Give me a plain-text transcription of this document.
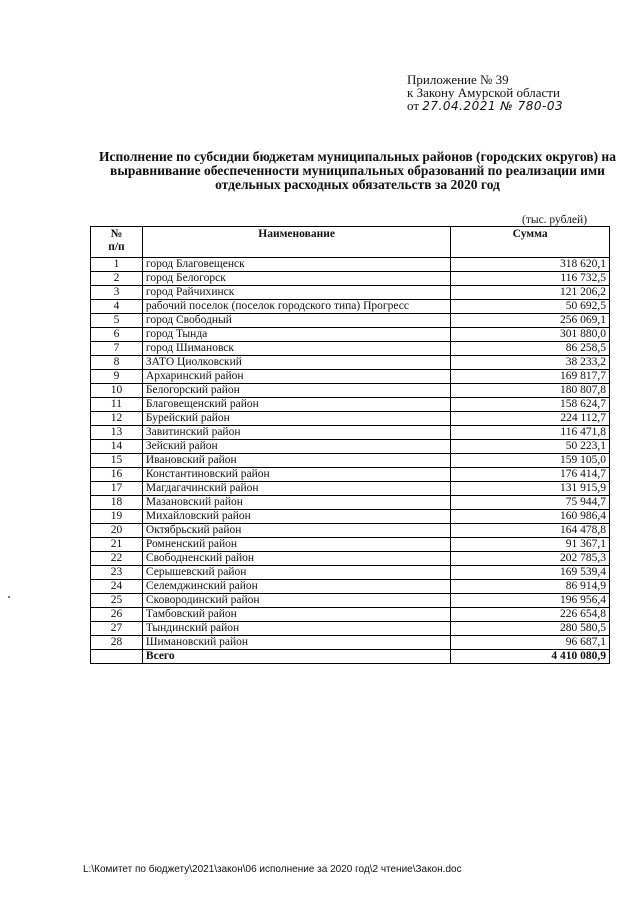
Приложение № 39
к Закону Амурской области
от 27.04.2021 № 780-03
Исполнение по субсидии бюджетам муниципальных районов (городских округов) на выравнивание обеспеченности муниципальных образований по реализации ими отдельных расходных обязательств за 2020 год
(тыс. рублей)
№
п/п	Наименование	Сумма
1	город Благовещенск	318 620,1
2	город Белогорск	116 732,5
3	город Райчихинск	121 206,2
4	рабочий поселок (поселок городского типа) Прогресс	50 692,5
5	город Свободный	256 069,1
6	город Тында	301 880,0
7	город Шимановск	86 258,5
8	ЗАТО Циолковский	38 233,2
9	Архаринский район	169 817,7
10	Белогорский район	180 807,8
11	Благовещенский район	158 624,7
12	Бурейский район	224 112,7
13	Завитинский район	116 471,8
14	Зейский район	50 223,1
15	Ивановский район	159 105,0
16	Константиновский район	176 414,7
17	Магдагачинский район	131 915,9
18	Мазановский район	75 944,7
19	Михайловский район	160 986,4
20	Октябрьский район	164 478,8
21	Ромненский район	91 367,1
22	Свободненский район	202 785,3
23	Серышевский район	169 539,4
24	Селемджинский район	86 914,9
25	Сковородинский район	196 956,4
26	Тамбовский район	226 654,8
27	Тындинский район	280 580,5
28	Шимановский район	96 687,1
	Всего	4 410 080,9
L:\Комитет по бюджету\2021\закон\06 исполнение за 2020 год\2 чтение\Закон.doc
